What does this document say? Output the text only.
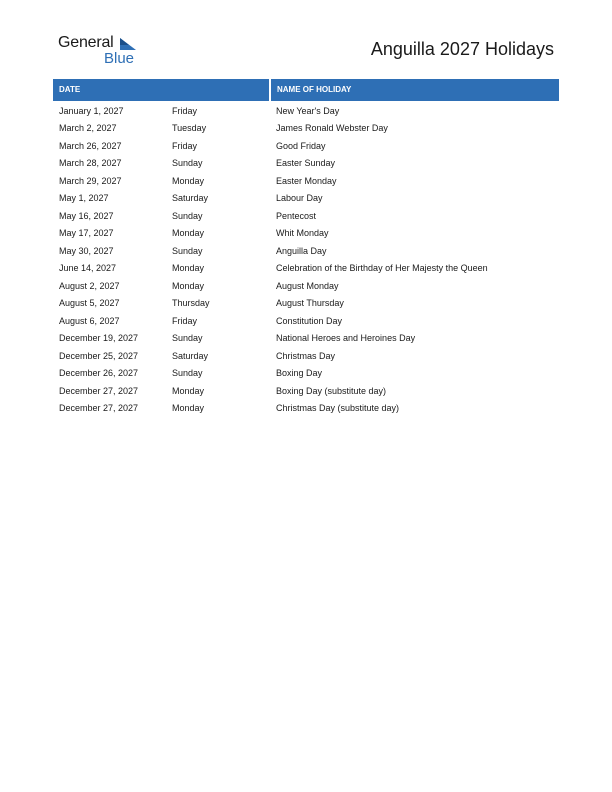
General
Blue	Anguilla 2027 Holidays
DATE	NAME OF HOLIDAY
January 1, 2027	Friday	New Year's Day
March 2, 2027	Tuesday	James Ronald Webster Day
March 26, 2027	Friday	Good Friday
March 28, 2027	Sunday	Easter Sunday
March 29, 2027	Monday	Easter Monday
May 1, 2027	Saturday	Labour Day
May 16, 2027	Sunday	Pentecost
May 17, 2027	Monday	Whit Monday
May 30, 2027	Sunday	Anguilla Day
June 14, 2027	Monday	Celebration of the Birthday of Her Majesty the Queen
August 2, 2027	Monday	August Monday
August 5, 2027	Thursday	August Thursday
August 6, 2027	Friday	Constitution Day
December 19, 2027	Sunday	National Heroes and Heroines Day
December 25, 2027	Saturday	Christmas Day
December 26, 2027	Sunday	Boxing Day
December 27, 2027	Monday	Boxing Day (substitute day)
December 27, 2027	Monday	Christmas Day (substitute day)
